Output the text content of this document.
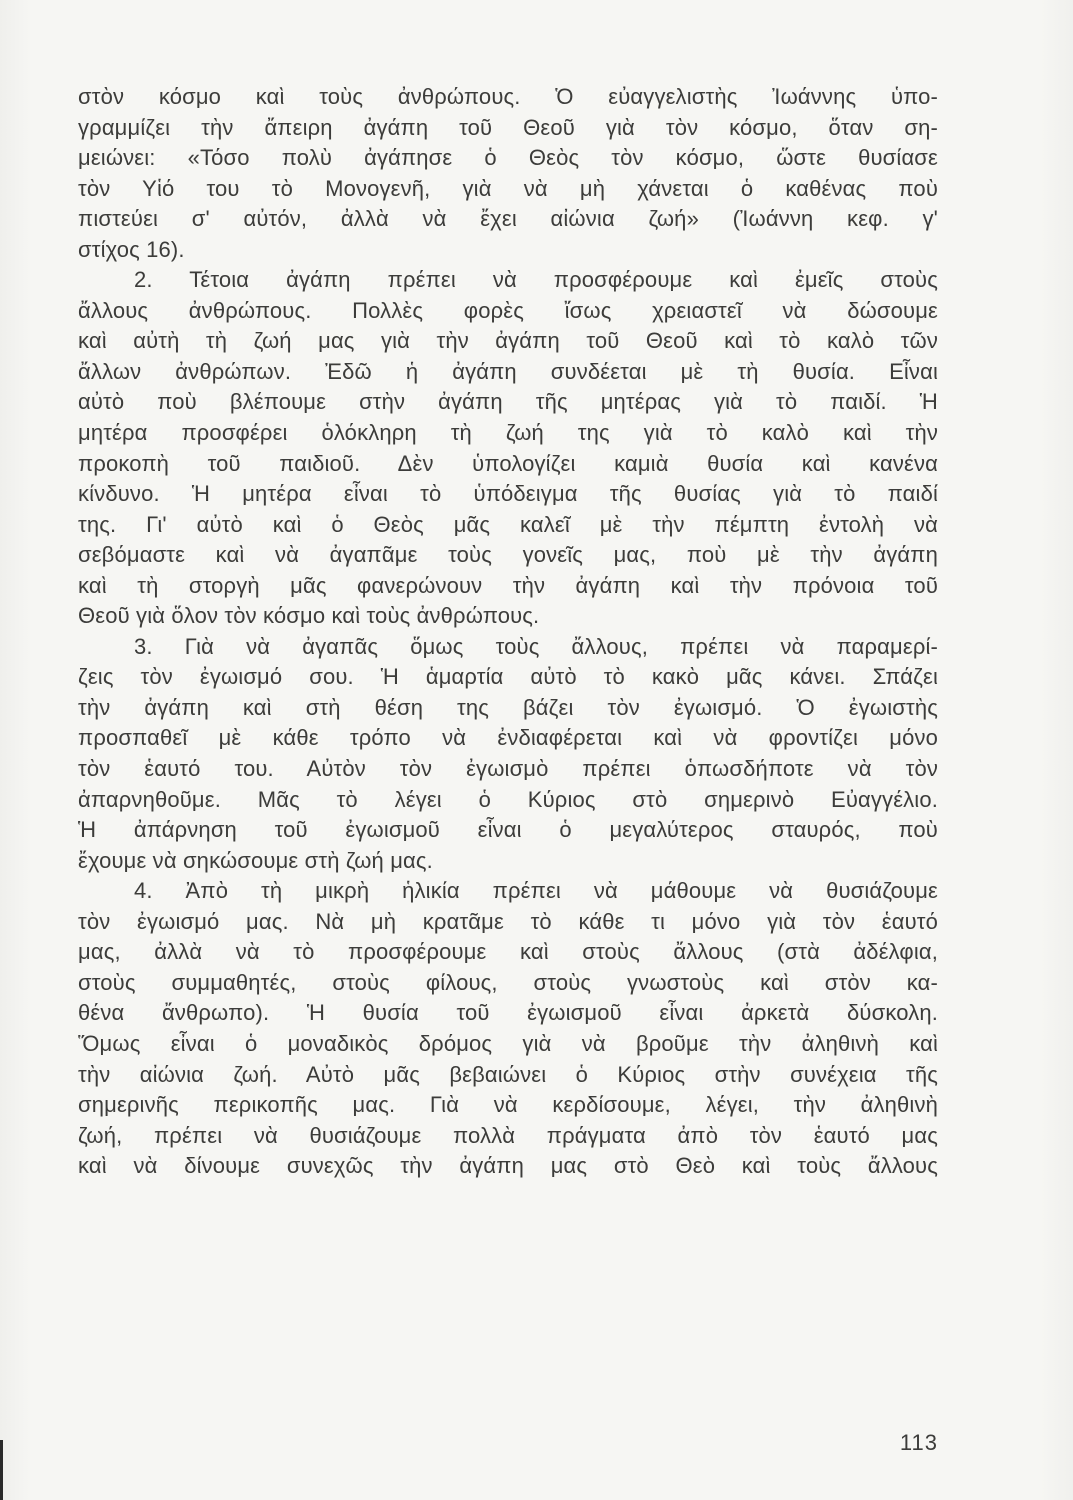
στὸν κόσμο καὶ τοὺς ἀνθρώπους. Ὁ εὐαγγελιστὴς Ἰωάννης ὑπο-
γραμμίζει τὴν ἄπειρη ἀγάπη τοῦ Θεοῦ γιὰ τὸν κόσμο, ὅταν ση-
μειώνει: «Τόσο πολὺ ἀγάπησε ὁ Θεὸς τὸν κόσμο, ὥστε θυσίασε
τὸν Υἱό του τὸ Μονογενῆ, γιὰ νὰ μὴ χάνεται ὁ καθένας ποὺ
πιστεύει σ' αὐτόν, ἀλλὰ νὰ ἔχει αἰώνια ζωή» (Ἰωάννη κεφ. γ'
στίχος 16).
2. Τέτοια ἀγάπη πρέπει νὰ προσφέρουμε καὶ ἐμεῖς στοὺς
ἄλλους ἀνθρώπους. Πολλὲς φορὲς ἴσως χρειαστεῖ νὰ δώσουμε
καὶ αὐτὴ τὴ ζωή μας γιὰ τὴν ἀγάπη τοῦ Θεοῦ καὶ τὸ καλὸ τῶν
ἄλλων ἀνθρώπων. Ἐδῶ ἡ ἀγάπη συνδέεται μὲ τὴ θυσία. Εἶναι
αὐτὸ ποὺ βλέπουμε στὴν ἀγάπη τῆς μητέρας γιὰ τὸ παιδί. Ἡ
μητέρα προσφέρει ὁλόκληρη τὴ ζωή της γιὰ τὸ καλὸ καὶ τὴν
προκοπὴ τοῦ παιδιοῦ. Δὲν ὑπολογίζει καμιὰ θυσία καὶ κανένα
κίνδυνο. Ἡ μητέρα εἶναι τὸ ὑπόδειγμα τῆς θυσίας γιὰ τὸ παιδί
της. Γι' αὐτὸ καὶ ὁ Θεὸς μᾶς καλεῖ μὲ τὴν πέμπτη ἐντολὴ νὰ
σεβόμαστε καὶ νὰ ἀγαπᾶμε τοὺς γονεῖς μας, ποὺ μὲ τὴν ἀγάπη
καὶ τὴ στοργὴ μᾶς φανερώνουν τὴν ἀγάπη καὶ τὴν πρόνοια τοῦ
Θεοῦ γιὰ ὅλον τὸν κόσμο καὶ τοὺς ἀνθρώπους.
3. Γιὰ νὰ ἀγαπᾶς ὅμως τοὺς ἄλλους, πρέπει νὰ παραμερί-
ζεις τὸν ἐγωισμό σου. Ἡ ἁμαρτία αὐτὸ τὸ κακὸ μᾶς κάνει. Σπάζει
τὴν ἀγάπη καὶ στὴ θέση της βάζει τὸν ἐγωισμό. Ὁ ἐγωιστὴς
προσπαθεῖ μὲ κάθε τρόπο νὰ ἐνδιαφέρεται καὶ νὰ φροντίζει μόνο
τὸν ἑαυτό του. Αὐτὸν τὸν ἐγωισμὸ πρέπει ὁπωσδήποτε νὰ τὸν
ἀπαρνηθοῦμε. Μᾶς τὸ λέγει ὁ Κύριος στὸ σημερινὸ Εὐαγγέλιο.
Ἡ ἀπάρνηση τοῦ ἐγωισμοῦ εἶναι ὁ μεγαλύτερος σταυρός, ποὺ
ἔχουμε νὰ σηκώσουμε στὴ ζωή μας.
4. Ἀπὸ τὴ μικρὴ ἡλικία πρέπει νὰ μάθουμε νὰ θυσιάζουμε
τὸν ἐγωισμό μας. Νὰ μὴ κρατᾶμε τὸ κάθε τι μόνο γιὰ τὸν ἑαυτό
μας, ἀλλὰ νὰ τὸ προσφέρουμε καὶ στοὺς ἄλλους (στὰ ἀδέλφια,
στοὺς συμμαθητές, στοὺς φίλους, στοὺς γνωστοὺς καὶ στὸν κα-
θένα ἄνθρωπο). Ἡ θυσία τοῦ ἐγωισμοῦ εἶναι ἀρκετὰ δύσκολη.
Ὅμως εἶναι ὁ μοναδικὸς δρόμος γιὰ νὰ βροῦμε τὴν ἀληθινὴ καὶ
τὴν αἰώνια ζωή. Αὐτὸ μᾶς βεβαιώνει ὁ Κύριος στὴν συνέχεια τῆς
σημερινῆς περικοπῆς μας. Γιὰ νὰ κερδίσουμε, λέγει, τὴν ἀληθινὴ
ζωή, πρέπει νὰ θυσιάζουμε πολλὰ πράγματα ἀπὸ τὸν ἑαυτό μας
καὶ νὰ δίνουμε συνεχῶς τὴν ἀγάπη μας στὸ Θεὸ καὶ τοὺς ἄλλους
113
